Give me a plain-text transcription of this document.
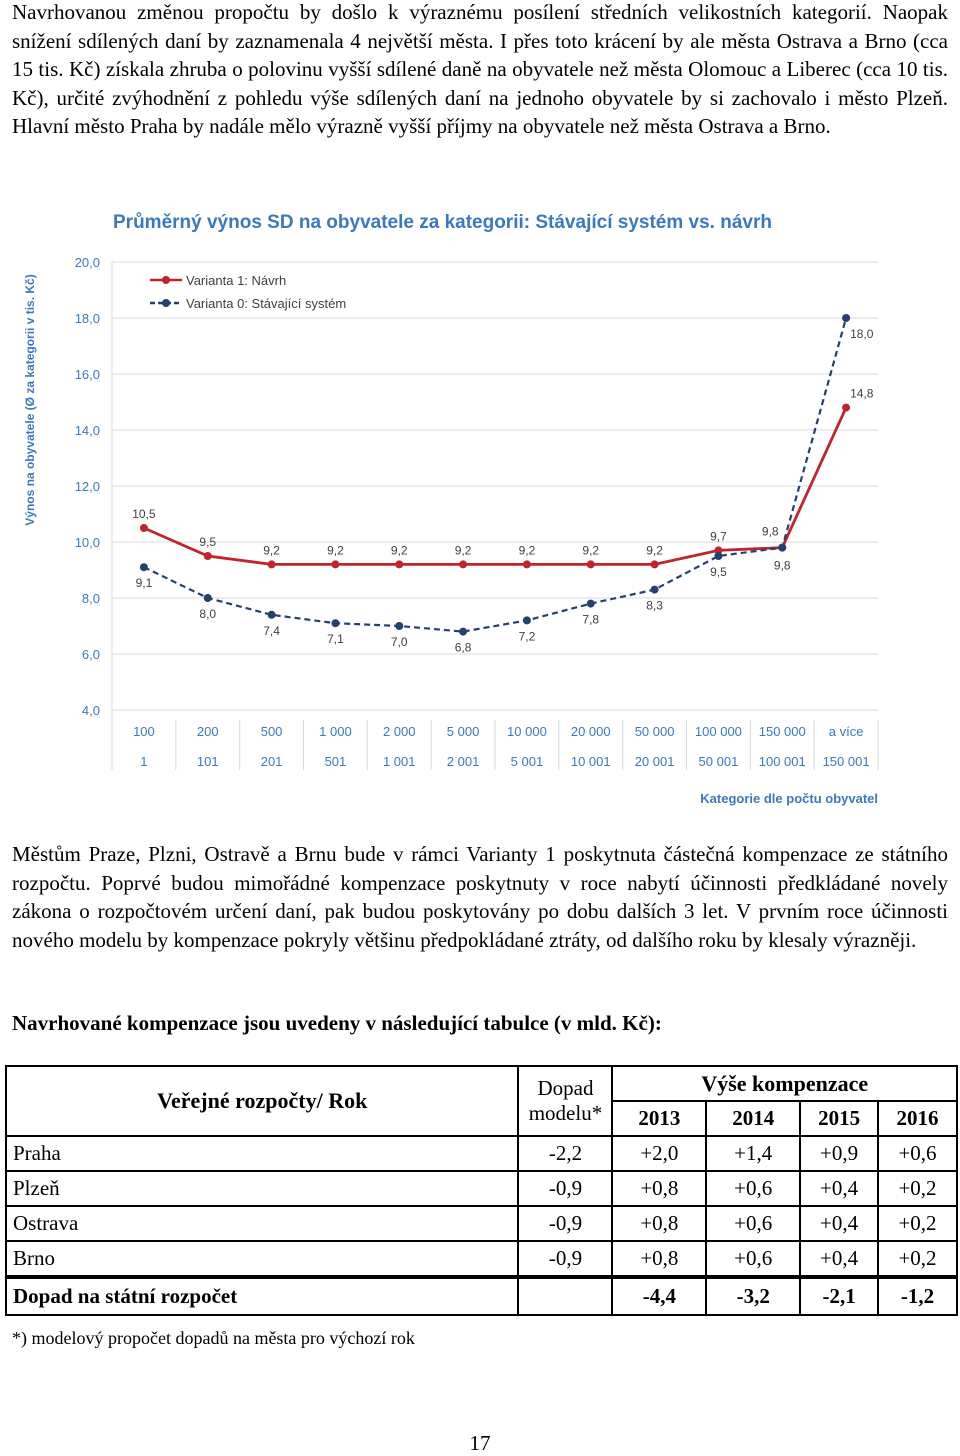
Navrhovanou změnou propočtu by došlo k výraznému posílení středních velikostních kategorií. Naopak snížení sdílených daní by zaznamenala 4 největší města. I přes toto krácení by ale města Ostrava a Brno (cca 15 tis. Kč) získala zhruba o polovinu vyšší sdílené daně na obyvatele než města Olomouc a Liberec (cca 10 tis. Kč), určité zvýhodnění z pohledu výše sdílených daní na jednoho obyvatele by si zachovalo i město Plzeň. Hlavní město Praha by nadále mělo výrazně vyšší příjmy na obyvatele než města Ostrava a Brno.

Průměrný výnos SD na obyvatele za kategorii: Stávající systém vs. návrh
Výnos na obyvatele (Ø za kategorii v tis. Kč)
Kategorie dle počtu obyvatel
4,0
6,0
8,0
10,0
12,0
14,0
16,0
18,0
20,0
100	200	500	1 000 2 000 5 000 10 000 20 000 50 000 100 000 150 000 a více
1	101	201	501	1 001 2 001 5 001 10 001 20 001 50 001 100 001 150 001
10,5
9,5
9,2	9,2	9,2	9,2	9,2	9,2	9,2
9,7	9,8
14,8
9,1
8,0
7,4
7,1	7,0	6,8
7,2
7,8
8,3
9,5	9,8
18,0
Varianta 1: Návrh
Varianta 0: Stávající systém

Městům Praze, Plzni, Ostravě a Brnu bude v rámci Varianty 1 poskytnuta částečná kompenzace ze státního rozpočtu. Poprvé budou mimořádné kompenzace poskytnuty v roce nabytí účinnosti předkládané novely zákona o rozpočtovém určení daní, pak budou poskytovány po dobu dalších 3 let. V prvním roce účinnosti nového modelu by kompenzace pokryly většinu předpokládané ztráty, od dalšího roku by klesaly výrazněji.

Navrhované kompenzace jsou uvedeny v následující tabulce (v mld. Kč):

Veřejné rozpočty/ Rok	Dopad modelu*	Výše kompenzace			
		2013	2014	2015	2016
Praha	-2,2	+2,0	+1,4	+0,9	+0,6
Plzeň	-0,9	+0,8	+0,6	+0,4	+0,2
Ostrava	-0,9	+0,8	+0,6	+0,4	+0,2
Brno	-0,9	+0,8	+0,6	+0,4	+0,2
Dopad na státní rozpočet		-4,4	-3,2	-2,1	-1,2

*) modelový propočet dopadů na města pro výchozí rok

17
